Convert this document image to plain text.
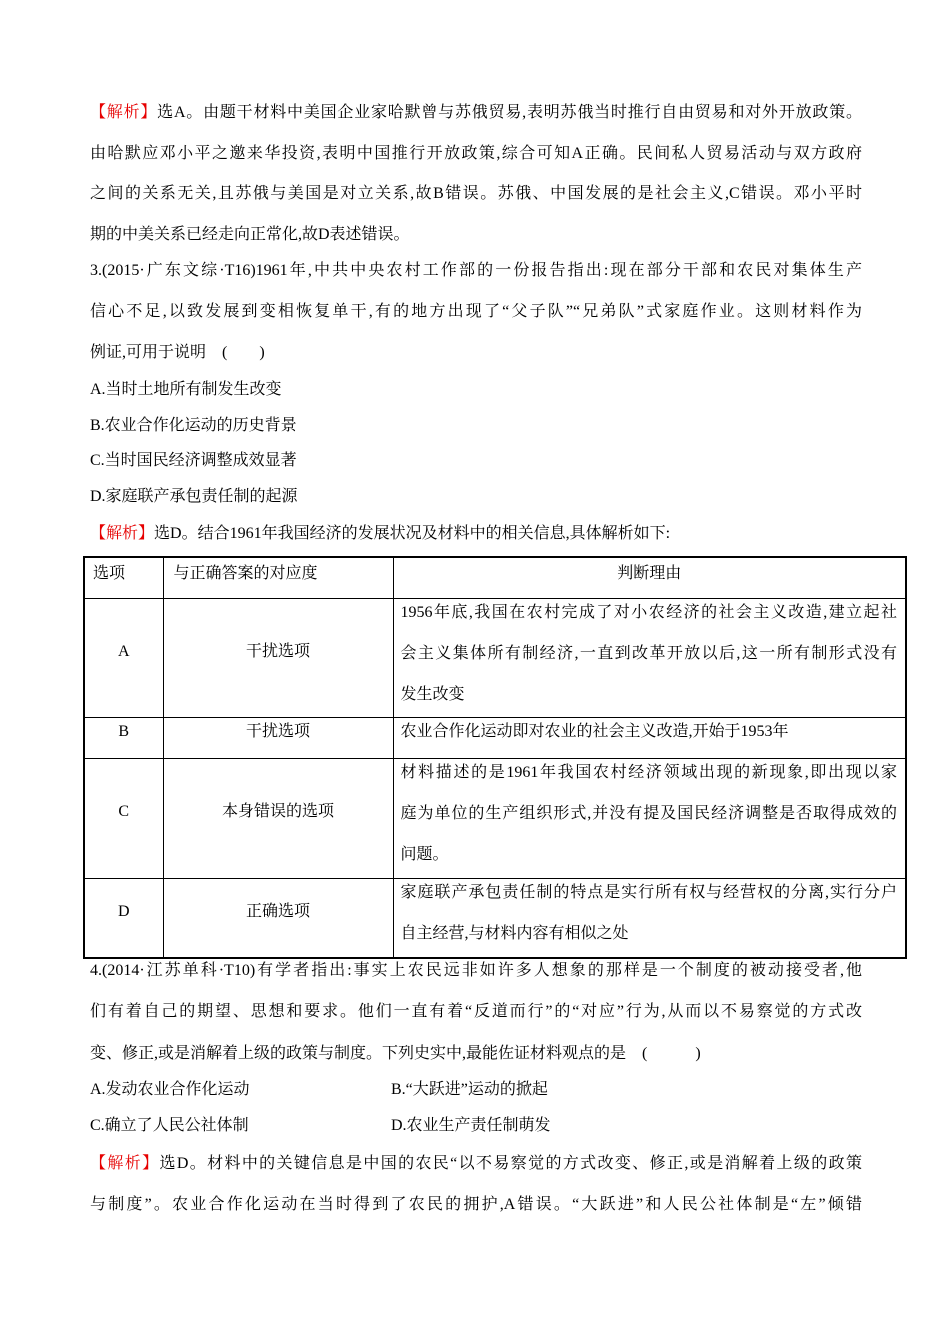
【解析】选A。由题干材料中美国企业家哈默曾与苏俄贸易,表明苏俄当时推行自由贸易和对外开放政策。
由哈默应邓小平之邀来华投资,表明中国推行开放政策,综合可知A正确。民间私人贸易活动与双方政府
之间的关系无关,且苏俄与美国是对立关系,故B错误。苏俄、中国发展的是社会主义,C错误。邓小平时
期的中美关系已经走向正常化,故D表述错误。
3.(2015·广东文综·T16)1961年,中共中央农村工作部的一份报告指出:现在部分干部和农民对集体生产
信心不足,以致发展到变相恢复单干,有的地方出现了“父子队”“兄弟队”式家庭作业。这则材料作为
例证,可用于说明　(　　)
A.当时土地所有制发生改变
B.农业合作化运动的历史背景
C.当时国民经济调整成效显著
D.家庭联产承包责任制的起源
【解析】选D。结合1961年我国经济的发展状况及材料中的相关信息,具体解析如下:
选项	与正确答案的对应度	判断理由
A	干扰选项	1956年底,我国在农村完成了对小农经济的社会主义改造,建立起社
会主义集体所有制经济,一直到改革开放以后,这一所有制形式没有
发生改变

B	干扰选项	农业合作化运动即对农业的社会主义改造,开始于1953年

C	本身错误的选项	材料描述的是1961年我国农村经济领域出现的新现象,即出现以家
庭为单位的生产组织形式,并没有提及国民经济调整是否取得成效的
问题。

D	正确选项	家庭联产承包责任制的特点是实行所有权与经营权的分离,实行分户
自主经营,与材料内容有相似之处
4.(2014·江苏单科·T10)有学者指出:事实上农民远非如许多人想象的那样是一个制度的被动接受者,他
们有着自己的期望、思想和要求。他们一直有着“反道而行”的“对应”行为,从而以不易察觉的方式改
变、修正,或是消解着上级的政策与制度。下列史实中,最能佐证材料观点的是　(　　　)
A.发动农业合作化运动	B.“大跃进”运动的掀起
C.确立了人民公社体制	D.农业生产责任制萌发
【解析】选D。材料中的关键信息是中国的农民“以不易察觉的方式改变、修正,或是消解着上级的政策
与制度”。农业合作化运动在当时得到了农民的拥护,A错误。“大跃进”和人民公社体制是“左”倾错
